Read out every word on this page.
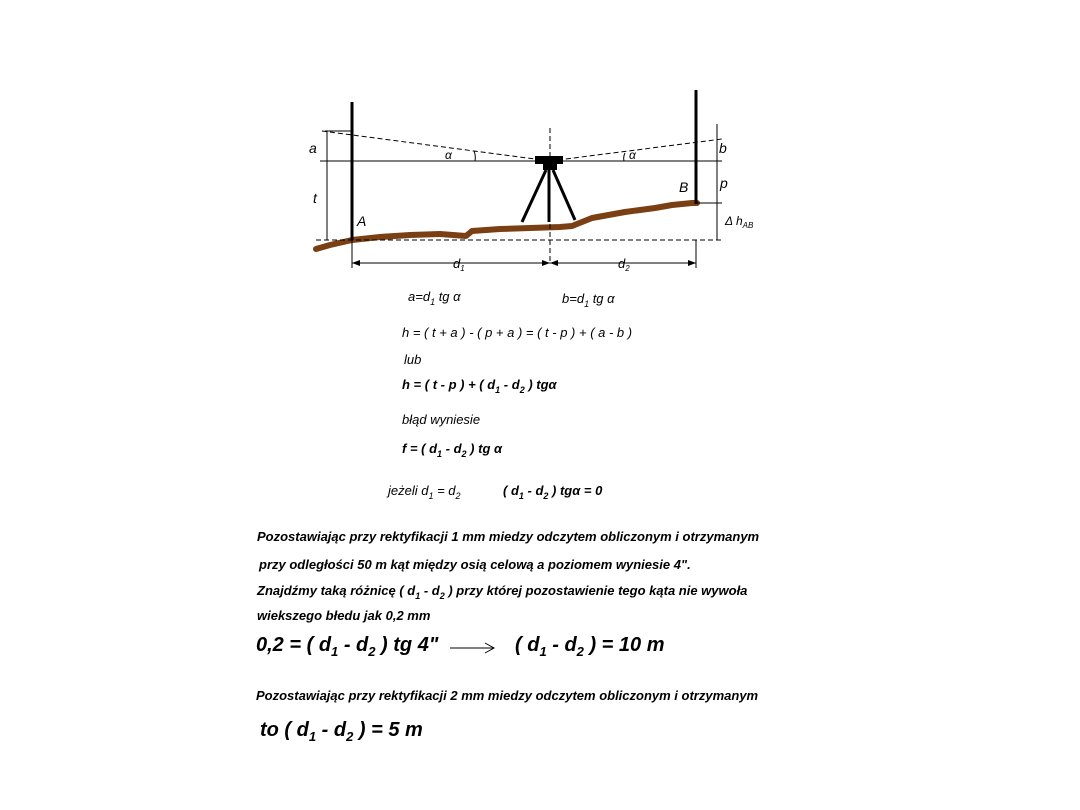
a
t
A
B
b
p
α	α
Δ $h_{AB}$
$d_1$	$d_2$
$a=d_1$ tg α	$b=d_1$ tg α
h = ( t + a ) - ( p + a ) = ( t - p ) + ( a - b )
lub
h = ( t - p ) + ( $d_1 - d_2$ ) tgα
błąd wyniesie
f = ( $d_1 - d_2$ ) tg α
jeżeli $d_1 = d_2$	( $d_1 - d_2$ ) tgα = 0
Pozostawiając przy rektyfikacji 1 mm miedzy odczytem obliczonym i otrzymanym
przy odległości 50 m kąt między osią celową a poziomem wyniesie 4".
Znajdźmy taką różnicę ( $d_1 - d_2$ ) przy której pozostawienie tego kąta nie wywoła
wiekszego błedu jak 0,2 mm
0,2 = ( $d_1 - d_2$ ) tg 4"	( $d_1 - d_2$ ) = 10 m
Pozostawiając przy rektyfikacji 2 mm miedzy odczytem obliczonym i otrzymanym
to ( $d_1 - d_2$ ) = 5 m
